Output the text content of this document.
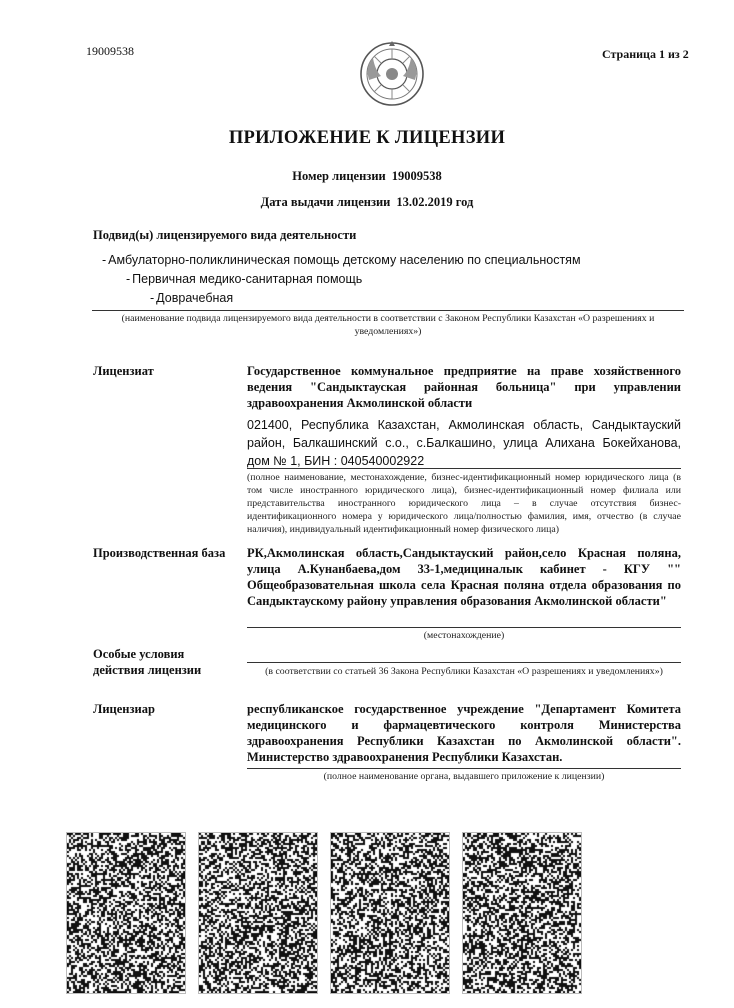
19009538	Страница 1 из 2
ПРИЛОЖЕНИЕ К ЛИЦЕНЗИИ
Номер лицензии 19009538
Дата выдачи лицензии 13.02.2019 год
Подвид(ы) лицензируемого вида деятельности
- Амбулаторно-поликлиническая помощь детскому населению по специальностям
- Первичная медико-санитарная помощь
- Доврачебная
(наименование подвида лицензируемого вида деятельности в соответствии с Законом Республики Казахстан «О разрешениях и уведомлениях»)
Лицензиат	Государственное коммунальное предприятие на праве хозяйственного ведения "Сандыктауская районная больница" при управлении здравоохранения Акмолинской области
021400, Республика Казахстан, Акмолинская область, Сандыктауский район, Балкашинский с.о., с.Балкашино, улица Алихана Бокейханова, дом № 1, БИН : 040540002922
(полное наименование, местонахождение, бизнес-идентификационный номер юридического лица (в том числе иностранного юридического лица), бизнес-идентификационный номер филиала или представительства иностранного юридического лица – в случае отсутствия бизнес-идентификационного номера у юридического лица/полностью фамилия, имя, отчество (в случае наличия), индивидуальный идентификационный номер физического лица)
Производственная база РК,Акмолинская область,Сандыктауский район,село Красная поляна, улица А.Кунанбаева,дом 33-1,медициналык кабинет - КГУ "" Общеобразовательная школа села Красная поляна отдела образования по Сандыктаускому району управления образования Акмолинской области"
(местонахождение)
Особые условия
действия лицензии	(в соответствии со статьей 36 Закона Республики Казахстан «О разрешениях и уведомлениях»)
Лицензиар	республиканское государственное учреждение "Департамент Комитета медицинского и фармацевтического контроля Министерства здравоохранения Республики Казахстан по Акмолинской области". Министерство здравоохранения Республики Казахстан.
(полное наименование органа, выдавшего приложение к лицензии)
